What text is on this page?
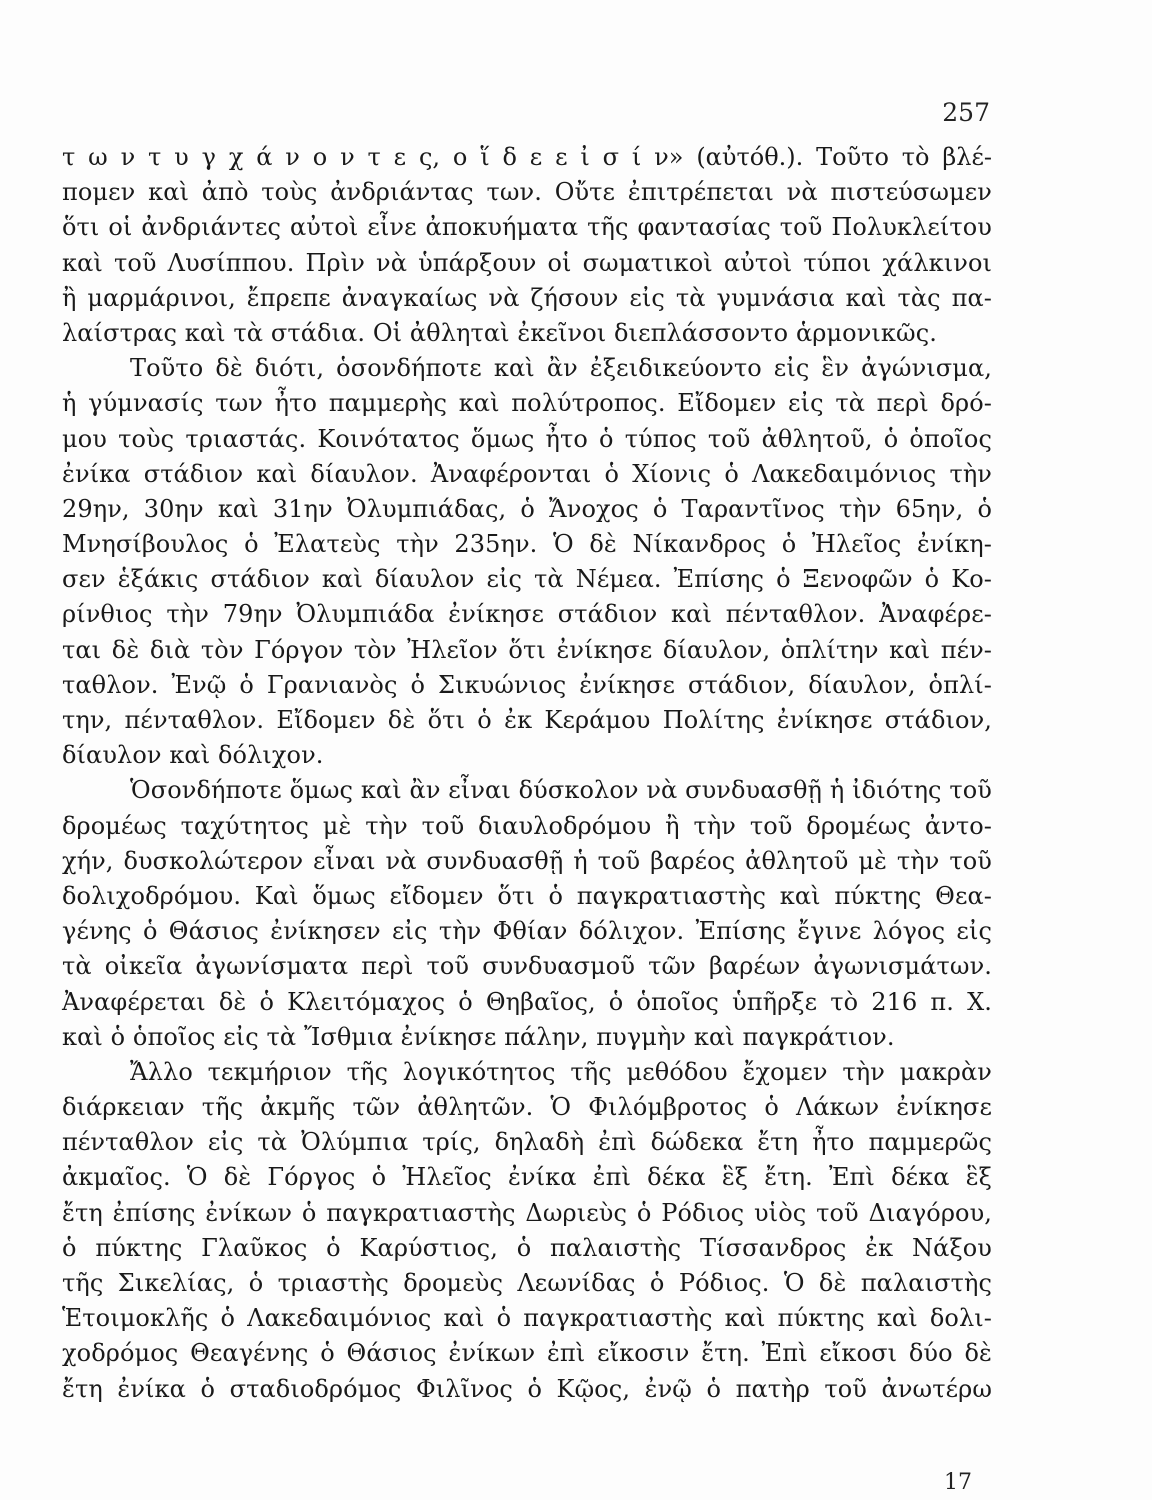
257
τ ω ν τ υ γ χ ά ν ο ν τ ε ς, ο ἵ δ ε ε ἰ σ ί ν» (αὐτόθ.). Τοῦτο τὸ βλέ-
πομεν καὶ ἀπὸ τοὺς ἀνδριάντας των. Οὔτε ἐπιτρέπεται νὰ πιστεύσωμεν
ὅτι οἱ ἀνδριάντες αὐτοὶ εἶνε ἀποκυήματα τῆς φαντασίας τοῦ Πολυκλείτου
καὶ τοῦ Λυσίππου. Πρὶν νὰ ὑπάρξουν οἱ σωματικοὶ αὐτοὶ τύποι χάλκινοι
ἢ μαρμάρινοι, ἔπρεπε ἀναγκαίως νὰ ζήσουν εἰς τὰ γυμνάσια καὶ τὰς πα-
λαίστρας καὶ τὰ στάδια. Οἱ ἀθληταὶ ἐκεῖνοι διεπλάσσοντο ἁρμονικῶς.
Τοῦτο δὲ διότι, ὁσονδήποτε καὶ ἂν ἐξειδικεύοντο εἰς ἓν ἀγώνισμα,
ἡ γύμνασίς των ἦτο παμμερὴς καὶ πολύτροπος. Εἴδομεν εἰς τὰ περὶ δρό-
μου τοὺς τριαστάς. Κοινότατος ὅμως ἦτο ὁ τύπος τοῦ ἀθλητοῦ, ὁ ὁποῖος
ἐνίκα στάδιον καὶ δίαυλον. Ἀναφέρονται ὁ Χίονις ὁ Λακεδαιμόνιος τὴν
29ην, 30ην καὶ 31ην Ὀλυμπιάδας, ὁ Ἄνοχος ὁ Ταραντῖνος τὴν 65ην, ὁ
Μνησίβουλος ὁ Ἐλατεὺς τὴν 235ην. Ὁ δὲ Νίκανδρος ὁ Ἠλεῖος ἐνίκη-
σεν ἑξάκις στάδιον καὶ δίαυλον εἰς τὰ Νέμεα. Ἐπίσης ὁ Ξενοφῶν ὁ Κο-
ρίνθιος τὴν 79ην Ὀλυμπιάδα ἐνίκησε στάδιον καὶ πένταθλον. Ἀναφέρε-
ται δὲ διὰ τὸν Γόργον τὸν Ἠλεῖον ὅτι ἐνίκησε δίαυλον, ὁπλίτην καὶ πέν-
ταθλον. Ἐνῷ ὁ Γρανιανὸς ὁ Σικυώνιος ἐνίκησε στάδιον, δίαυλον, ὁπλί-
την, πένταθλον. Εἴδομεν δὲ ὅτι ὁ ἐκ Κεράμου Πολίτης ἐνίκησε στάδιον,
δίαυλον καὶ δόλιχον.
Ὁσονδήποτε ὅμως καὶ ἂν εἶναι δύσκολον νὰ συνδυασθῇ ἡ ἰδιότης τοῦ
δρομέως ταχύτητος μὲ τὴν τοῦ διαυλοδρόμου ἢ τὴν τοῦ δρομέως ἀντο-
χήν, δυσκολώτερον εἶναι νὰ συνδυασθῇ ἡ τοῦ βαρέος ἀθλητοῦ μὲ τὴν τοῦ
δολιχοδρόμου. Καὶ ὅμως εἴδομεν ὅτι ὁ παγκρατιαστὴς καὶ πύκτης Θεα-
γένης ὁ Θάσιος ἐνίκησεν εἰς τὴν Φθίαν δόλιχον. Ἐπίσης ἔγινε λόγος εἰς
τὰ οἰκεῖα ἀγωνίσματα περὶ τοῦ συνδυασμοῦ τῶν βαρέων ἀγωνισμάτων.
Ἀναφέρεται δὲ ὁ Κλειτόμαχος ὁ Θηβαῖος, ὁ ὁποῖος ὑπῆρξε τὸ 216 π. Χ.
καὶ ὁ ὁποῖος εἰς τὰ Ἴσθμια ἐνίκησε πάλην, πυγμὴν καὶ παγκράτιον.
Ἄλλο τεκμήριον τῆς λογικότητος τῆς μεθόδου ἔχομεν τὴν μακρὰν
διάρκειαν τῆς ἀκμῆς τῶν ἀθλητῶν. Ὁ Φιλόμβροτος ὁ Λάκων ἐνίκησε
πένταθλον εἰς τὰ Ὀλύμπια τρίς, δηλαδὴ ἐπὶ δώδεκα ἔτη ἦτο παμμερῶς
ἀκμαῖος. Ὁ δὲ Γόργος ὁ Ἠλεῖος ἐνίκα ἐπὶ δέκα ἓξ ἔτη. Ἐπὶ δέκα ἓξ
ἔτη ἐπίσης ἐνίκων ὁ παγκρατιαστὴς Δωριεὺς ὁ Ρόδιος υἱὸς τοῦ Διαγόρου,
ὁ πύκτης Γλαῦκος ὁ Καρύστιος, ὁ παλαιστὴς Τίσσανδρος ἐκ Νάξου
τῆς Σικελίας, ὁ τριαστὴς δρομεὺς Λεωνίδας ὁ Ρόδιος. Ὁ δὲ παλαιστὴς
Ἑτοιμοκλῆς ὁ Λακεδαιμόνιος καὶ ὁ παγκρατιαστὴς καὶ πύκτης καὶ δολι-
χοδρόμος Θεαγένης ὁ Θάσιος ἐνίκων ἐπὶ εἴκοσιν ἔτη. Ἐπὶ εἴκοσι δύο δὲ
ἔτη ἐνίκα ὁ σταδιοδρόμος Φιλῖνος ὁ Κῷος, ἐνῷ ὁ πατὴρ τοῦ ἀνωτέρω
17
